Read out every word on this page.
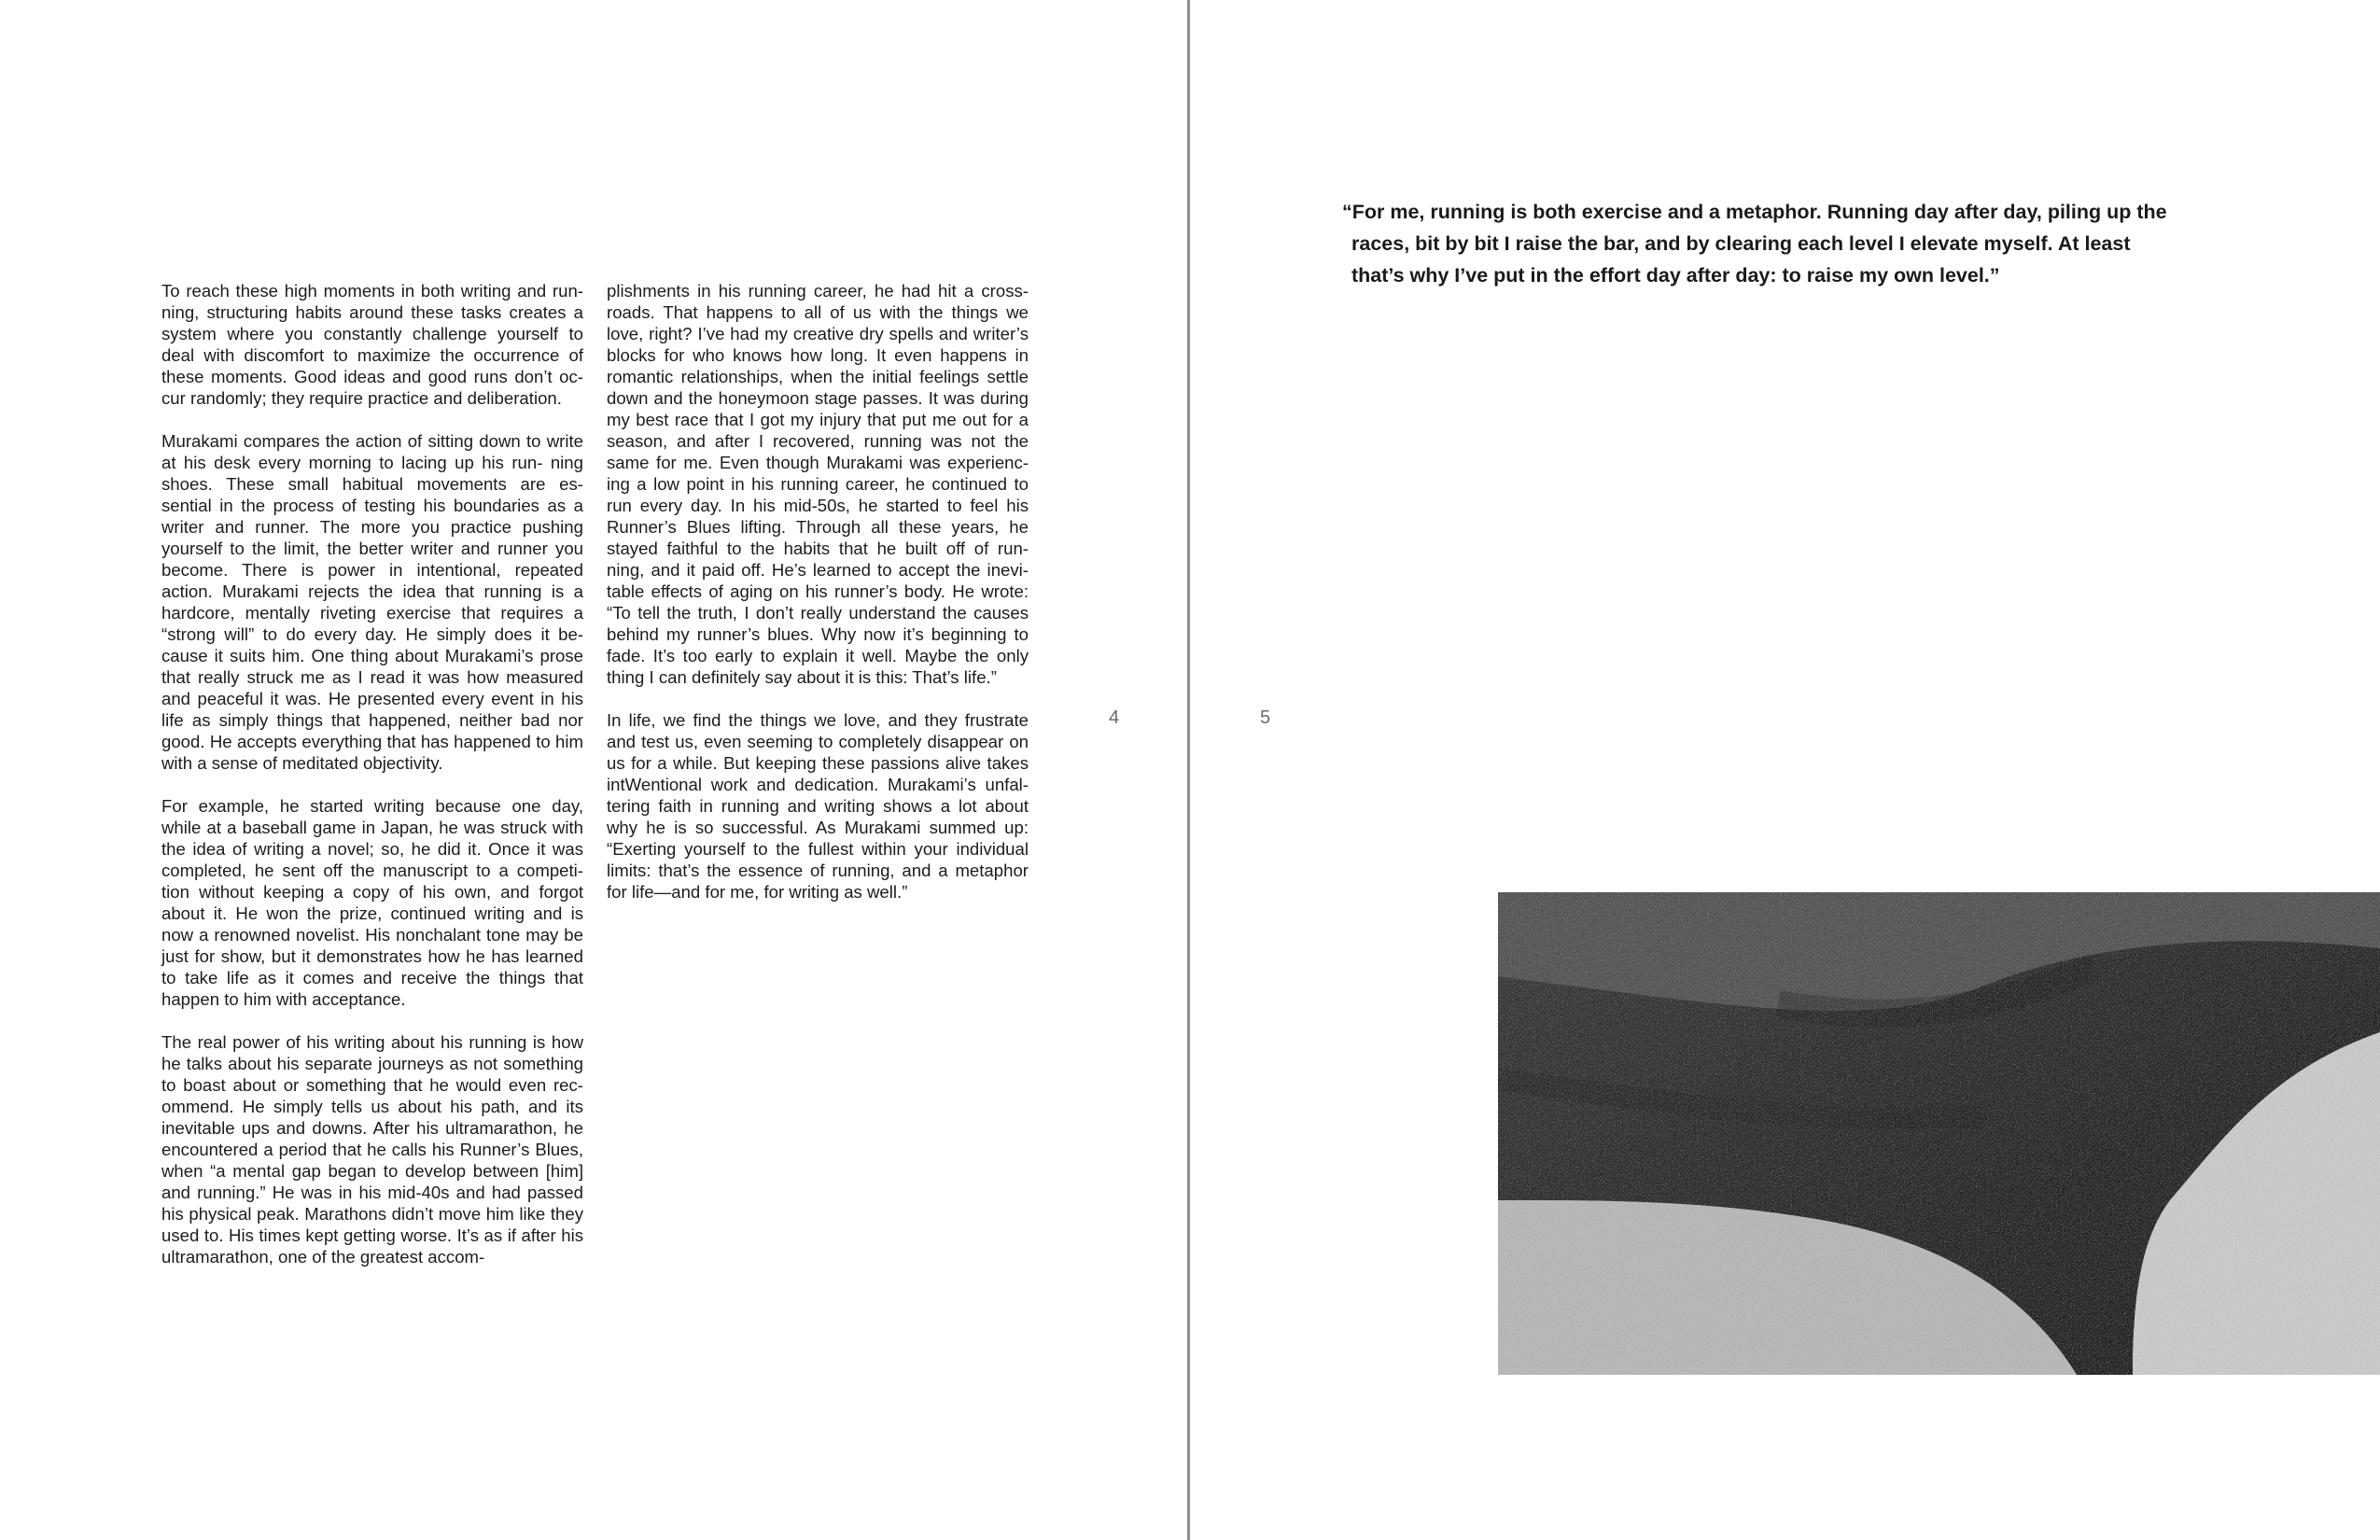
To reach these high moments in both writing and run- ning, structuring habits around these tasks creates a system where you constantly challenge yourself to deal with discomfort to maximize the occurrence of these moments. Good ideas and good runs don’t oc- cur randomly; they require practice and deliberation.

Murakami compares the action of sitting down to write at his desk every morning to lacing up his run- ning shoes. These small habitual movements are es- sential in the process of testing his boundaries as a writer and runner. The more you practice pushing yourself to the limit, the better writer and runner you become. There is power in intentional, repeated action. Murakami rejects the idea that running is a hardcore, mentally riveting exercise that requires a “strong will” to do every day. He simply does it be- cause it suits him. One thing about Murakami’s prose that really struck me as I read it was how measured and peaceful it was. He presented every event in his life as simply things that happened, neither bad nor good. He accepts everything that has happened to him with a sense of meditated objectivity.

For example, he started writing because one day, while at a baseball game in Japan, he was struck with the idea of writing a novel; so, he did it. Once it was completed, he sent off the manuscript to a competi- tion without keeping a copy of his own, and forgot about it. He won the prize, continued writing and is now a renowned novelist. His nonchalant tone may be just for show, but it demonstrates how he has learned to take life as it comes and receive the things that happen to him with acceptance.

The real power of his writing about his running is how he talks about his separate journeys as not something to boast about or something that he would even rec- ommend. He simply tells us about his path, and its inevitable ups and downs. After his ultramarathon, he encountered a period that he calls his Runner’s Blues, when “a mental gap began to develop between [him] and running.” He was in his mid-40s and had passed his physical peak. Marathons didn’t move him like they used to. His times kept getting worse. It’s as if after his ultramarathon, one of the greatest accom-

plishments in his running career, he had hit a cross- roads. That happens to all of us with the things we love, right? I’ve had my creative dry spells and writer’s blocks for who knows how long. It even happens in romantic relationships, when the initial feelings settle down and the honeymoon stage passes. It was during my best race that I got my injury that put me out for a season, and after I recovered, running was not the same for me. Even though Murakami was experienc- ing a low point in his running career, he continued to run every day. In his mid-50s, he started to feel his Runner’s Blues lifting. Through all these years, he stayed faithful to the habits that he built off of run- ning, and it paid off. He’s learned to accept the inevi- table effects of aging on his runner’s body. He wrote: “To tell the truth, I don’t really understand the causes behind my runner’s blues. Why now it’s beginning to fade. It’s too early to explain it well. Maybe the only thing I can definitely say about it is this: That’s life.”

In life, we find the things we love, and they frustrate and test us, even seeming to completely disappear on us for a while. But keeping these passions alive takes intWentional work and dedication. Murakami’s unfal- tering faith in running and writing shows a lot about why he is so successful. As Murakami summed up: “Exerting yourself to the fullest within your individual limits: that’s the essence of running, and a metaphor for life—and for me, for writing as well.”

4	5
“For me, running is both exercise and a metaphor. Running day after day, piling up the
races, bit by bit I raise the bar, and by clearing each level I elevate myself. At least
that’s why I’ve put in the effort day after day: to raise my own level.”
